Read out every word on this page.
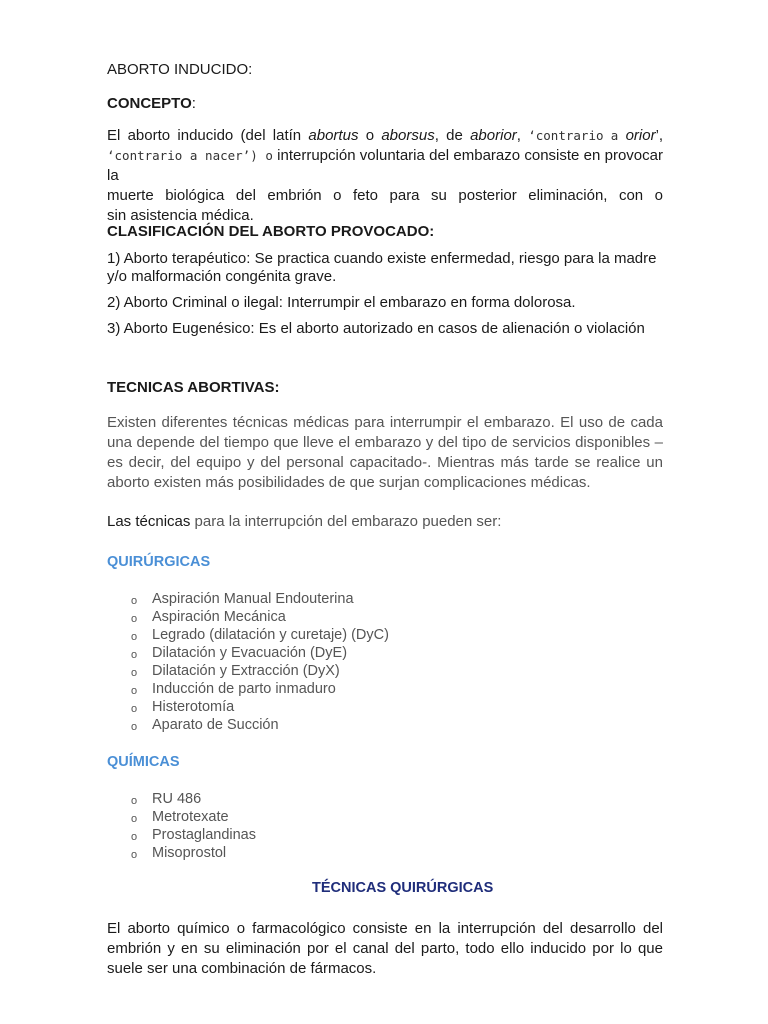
ABORTO INDUCIDO:

CONCEPTO:

El aborto inducido (del latín abortus o aborsus, de aborior, ‘contrario a orior’,
‘contrario a nacer’) o interrupción voluntaria del embarazo consiste en provocar la
muerte biológica del embrión o feto para su posterior eliminación, con o
sin asistencia médica.

CLASIFICACIÓN DEL ABORTO PROVOCADO:

1) Aborto terapéutico: Se practica cuando existe enfermedad, riesgo para la madre

y/o malformación congénita grave.

2) Aborto Criminal o ilegal: Interrumpir el embarazo en forma dolorosa.

3) Aborto Eugenésico: Es el aborto autorizado en casos de alienación o violación

TECNICAS ABORTIVAS:

Existen diferentes técnicas médicas para interrumpir el embarazo. El uso de cada
una depende del tiempo que lleve el embarazo y del tipo de servicios disponibles –
es decir, del equipo y del personal capacitado-. Mientras más tarde se realice un
aborto existen más posibilidades de que surjan complicaciones médicas.

Las técnicas para la interrupción del embarazo pueden ser:

QUIRÚRGICAS

o Aspiración Manual Endouterina
o Aspiración Mecánica
o Legrado (dilatación y curetaje) (DyC)
o Dilatación y Evacuación (DyE)
o Dilatación y Extracción (DyX)
o Inducción de parto inmaduro
o Histerotomía
o Aparato de Succión

QUÍMICAS

o RU 486
o Metrotexate
o Prostaglandinas
o Misoprostol

TÉCNICAS QUIRÚRGICAS

El aborto químico o farmacológico consiste en la interrupción del desarrollo del
embrión y en su eliminación por el canal del parto, todo ello inducido por lo que
suele ser una combinación de fármacos.
